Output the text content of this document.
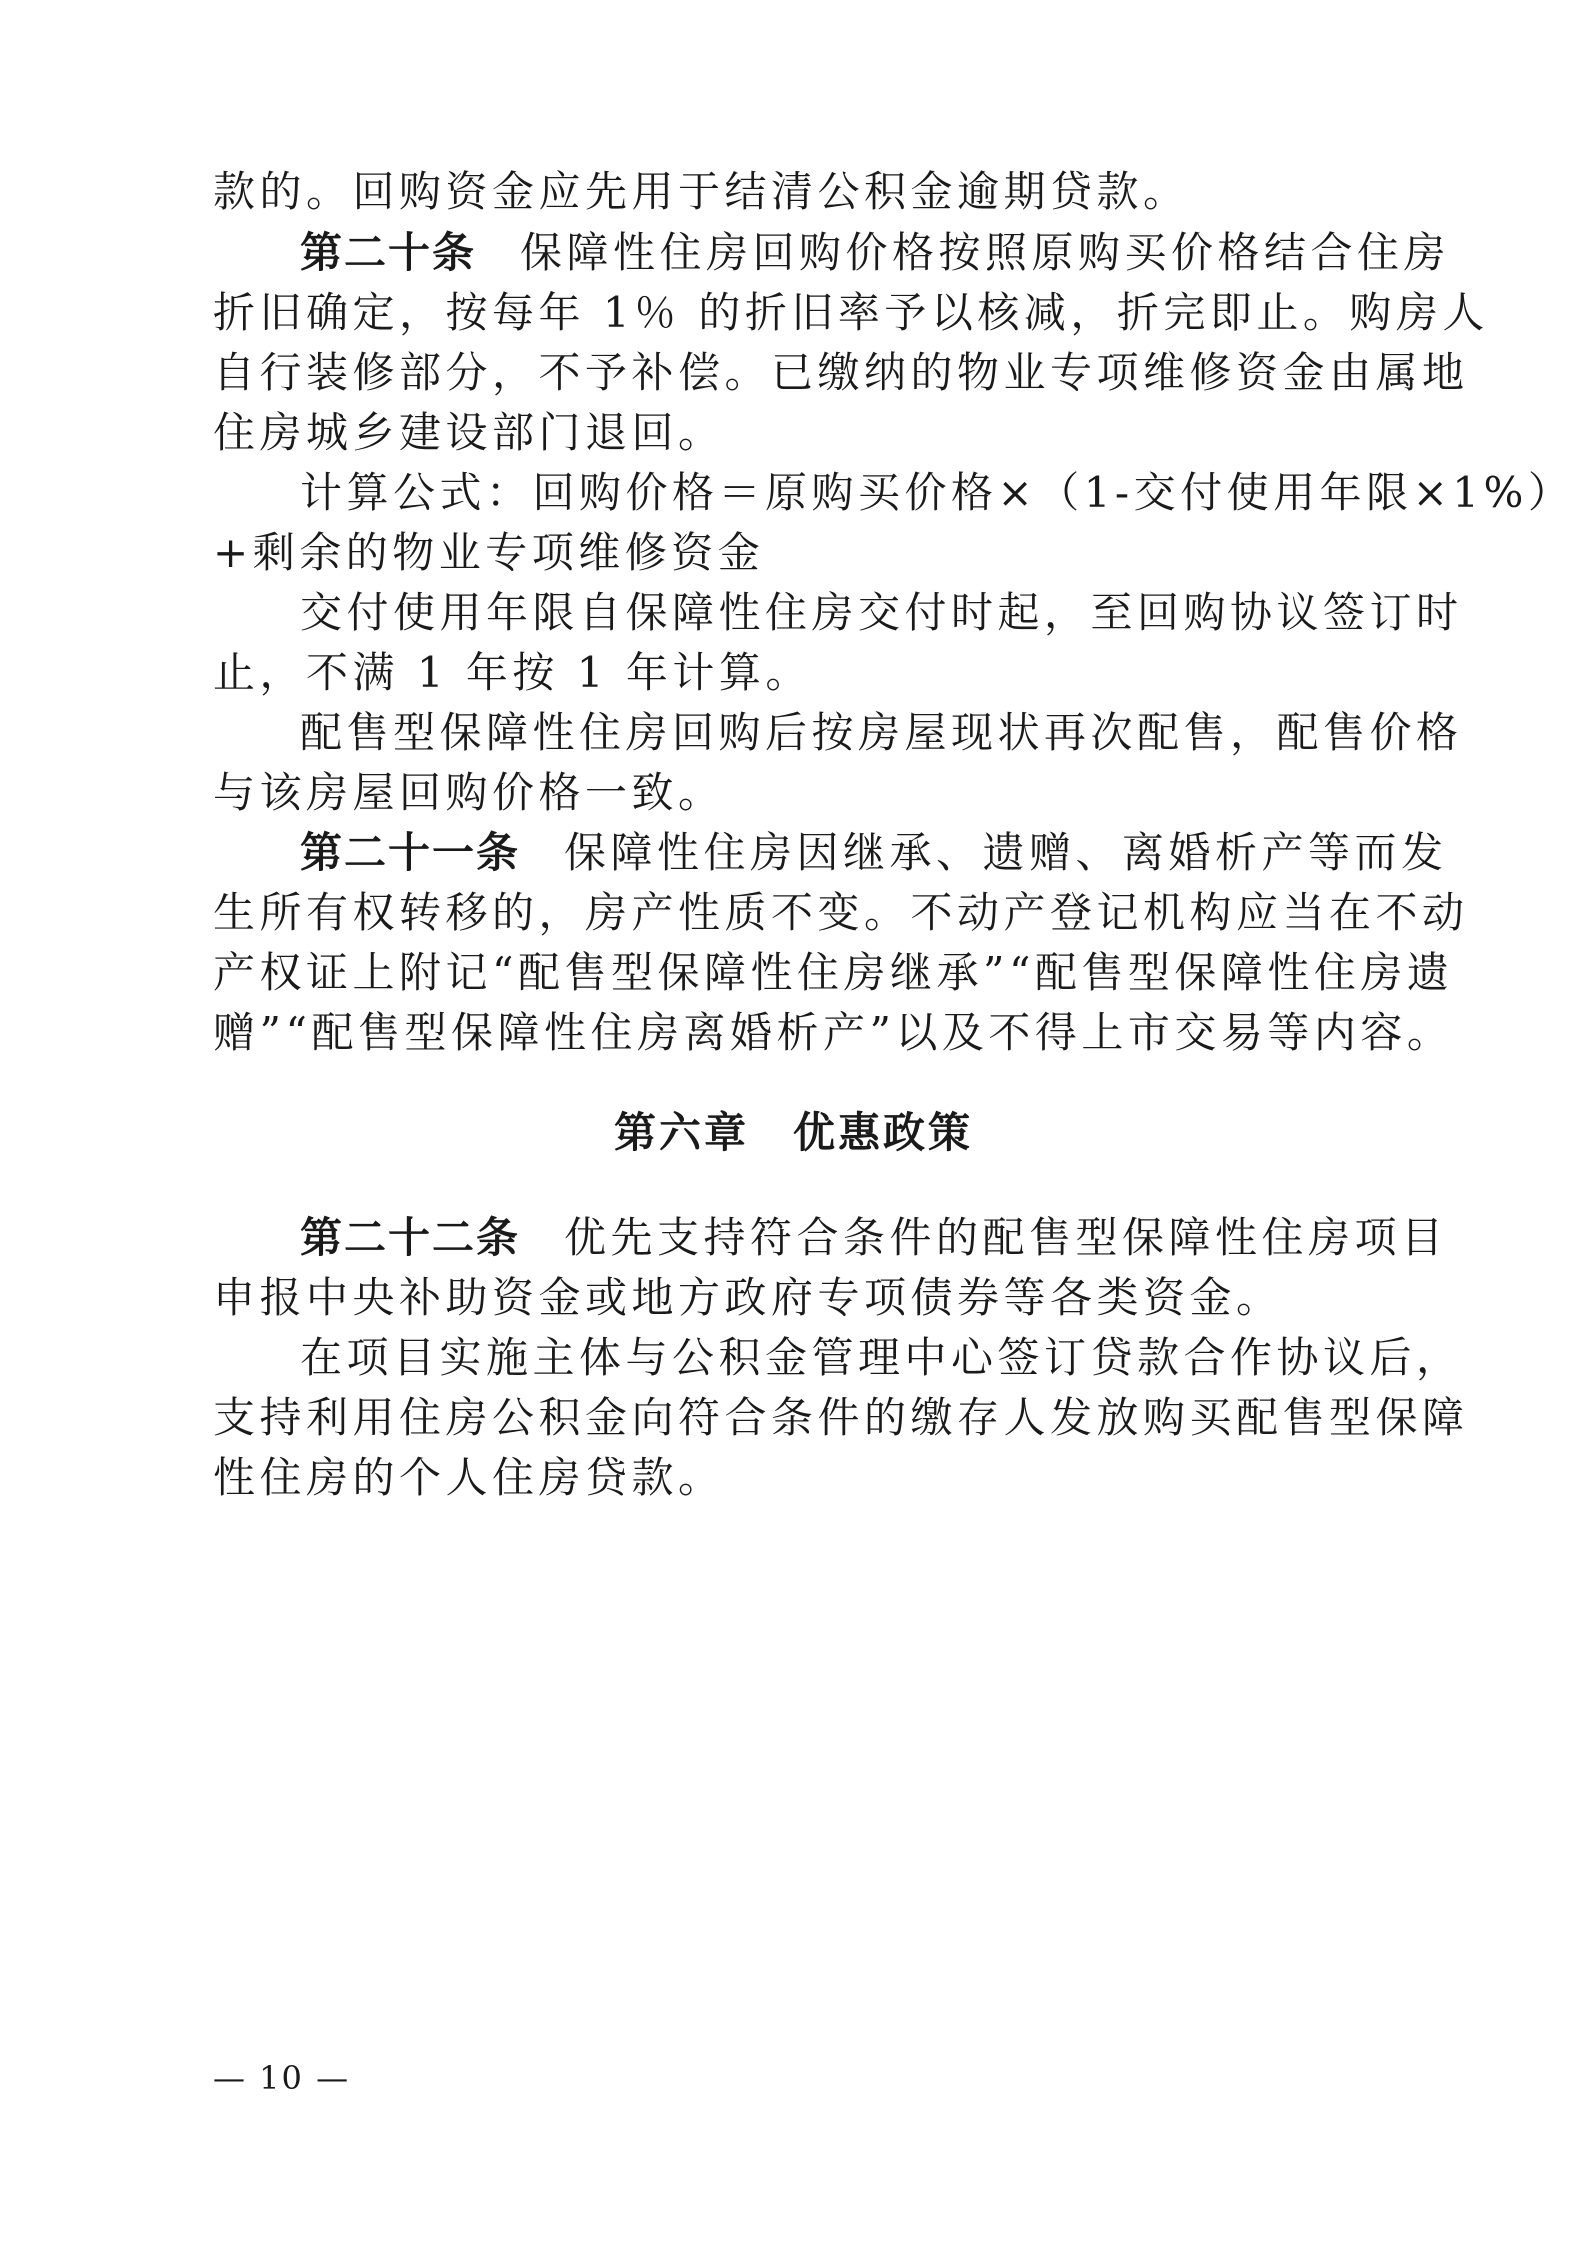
款的。回购资金应先用于结清公积金逾期贷款。
第二十条 保障性住房回购价格按照原购买价格结合住房
折旧确定，按每年 1％ 的折旧率予以核减，折完即止。购房人
自行装修部分，不予补偿。已缴纳的物业专项维修资金由属地
住房城乡建设部门退回。
计算公式：回购价格＝原购买价格×（1-交付使用年限×1%）
+剩余的物业专项维修资金
交付使用年限自保障性住房交付时起，至回购协议签订时
止，不满 1 年按 1 年计算。
配售型保障性住房回购后按房屋现状再次配售，配售价格
与该房屋回购价格一致。
第二十一条 保障性住房因继承、遗赠、离婚析产等而发
生所有权转移的，房产性质不变。不动产登记机构应当在不动
产权证上附记“配售型保障性住房继承”“配售型保障性住房遗
赠”“配售型保障性住房离婚析产”以及不得上市交易等内容。
第六章 优惠政策
第二十二条 优先支持符合条件的配售型保障性住房项目
申报中央补助资金或地方政府专项债券等各类资金。
在项目实施主体与公积金管理中心签订贷款合作协议后，
支持利用住房公积金向符合条件的缴存人发放购买配售型保障
性住房的个人住房贷款。
— 10 —
